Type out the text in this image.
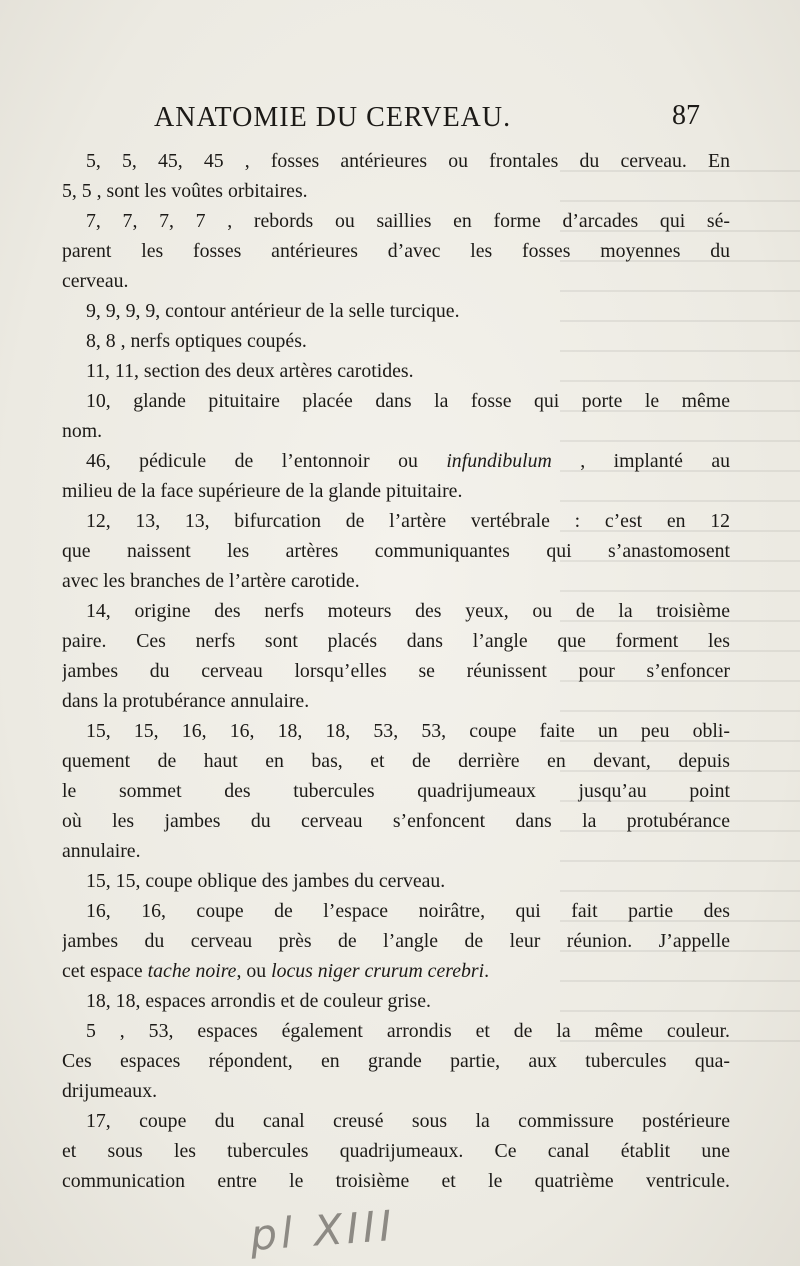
ANATOMIE DU CERVEAU.	87
5, 5, 45, 45 , fosses antérieures ou frontales du cerveau. En
5, 5 , sont les voûtes orbitaires.
7, 7, 7, 7 , rebords ou saillies en forme d’arcades qui sé-
parent les fosses antérieures d’avec les fosses moyennes du
cerveau.
9, 9, 9, 9, contour antérieur de la selle turcique.
8, 8 , nerfs optiques coupés.
11, 11, section des deux artères carotides.
10, glande pituitaire placée dans la fosse qui porte le même
nom.
46, pédicule de l’entonnoir ou infundibulum , implanté au
milieu de la face supérieure de la glande pituitaire.
12, 13, 13, bifurcation de l’artère vertébrale : c’est en 12
que naissent les artères communiquantes qui s’anastomosent
avec les branches de l’artère carotide.
14, origine des nerfs moteurs des yeux, ou de la troisième
paire. Ces nerfs sont placés dans l’angle que forment les
jambes du cerveau lorsqu’elles se réunissent pour s’enfoncer
dans la protubérance annulaire.
15, 15, 16, 16, 18, 18, 53, 53, coupe faite un peu obli-
quement de haut en bas, et de derrière en devant, depuis
le sommet des tubercules quadrijumeaux jusqu’au point
où les jambes du cerveau s’enfoncent dans la protubérance
annulaire.
15, 15, coupe oblique des jambes du cerveau.
16, 16, coupe de l’espace noirâtre, qui fait partie des
jambes du cerveau près de l’angle de leur réunion. J’appelle
cet espace tache noire, ou locus niger crurum cerebri.
18, 18, espaces arrondis et de couleur grise.
5 , 53, espaces également arrondis et de la même couleur.
Ces espaces répondent, en grande partie, aux tubercules qua-
drijumeaux.
17, coupe du canal creusé sous la commissure postérieure
et sous les tubercules quadrijumeaux. Ce canal établit une
communication entre le troisième et le quatrième ventricule.
pl XIII
